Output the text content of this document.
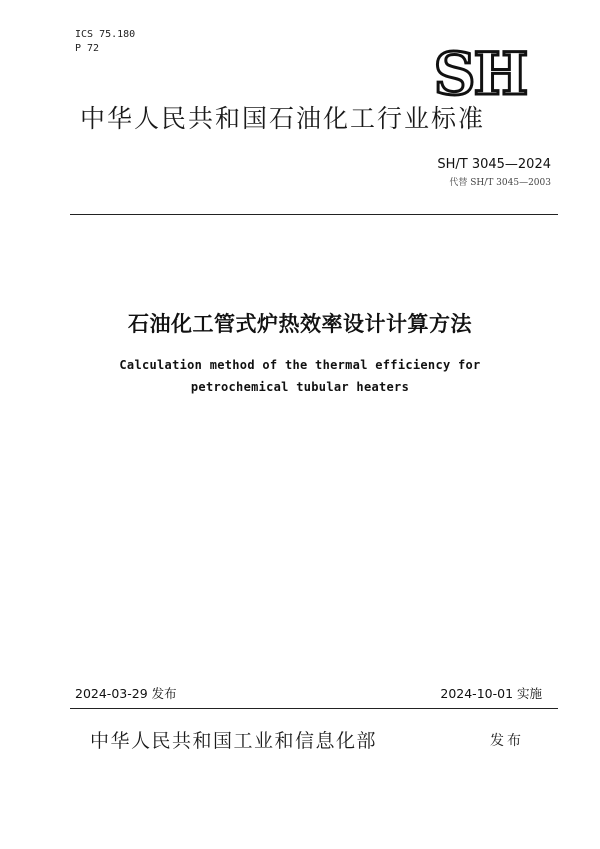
ICS 75.180
P 72	SH
中华人民共和国石油化工行业标准
SH/T 3045—2024
代替 SH/T 3045—2003
石油化工管式炉热效率设计计算方法
Calculation method of the thermal efficiency for
petrochemical tubular heaters
2024-03-29 发布	2024-10-01 实施
中华人民共和国工业和信息化部	发布
